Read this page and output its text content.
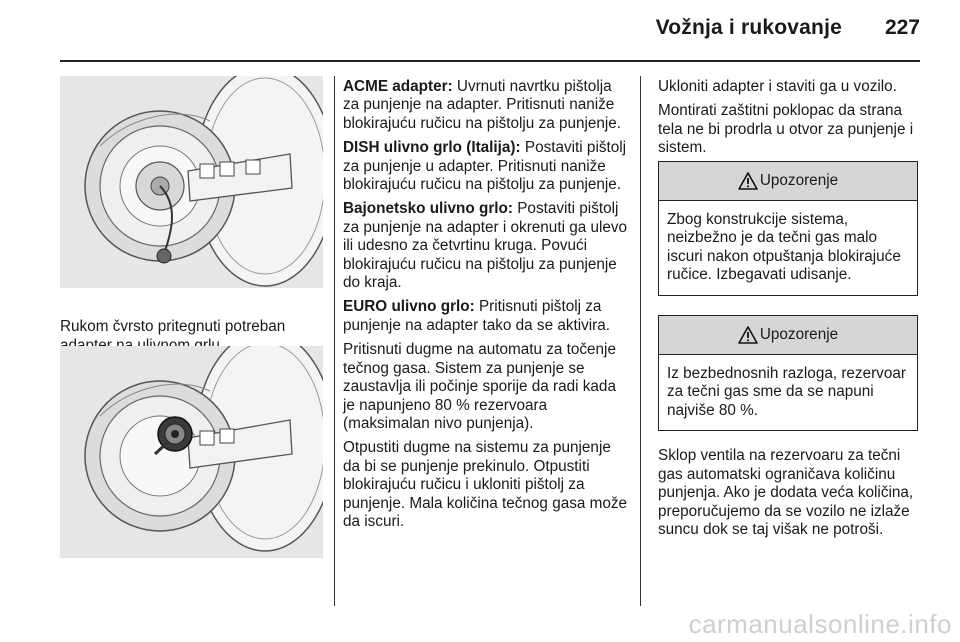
Vožnja i rukovanje 227

Rukom čvrsto pritegnuti potreban

ACME adapter: Uvrnuti navrtku pištolja za punjenje na adapter. Pritisnuti naniže blokirajuću ručicu na pištolju za punjenje.

DISH ulivno grlo (Italija): Postaviti pištolj za punjenje u adapter. Pritisnuti naniže blokirajuću ručicu na pištolju za punjenje.

Bajonetsko ulivno grlo: Postaviti pištolj za punjenje na adapter i okrenuti ga ulevo ili udesno za četvrtinu kruga. Povući blokirajuću ručicu na pištolju za punjenje do kraja.

EURO ulivno grlo: Pritisnuti pištolj za punjenje na adapter tako da se aktivira.

Pritisnuti dugme na automatu za točenje tečnog gasa. Sistem za punjenje se zaustavlja ili počinje sporije da radi kada je napunjeno 80 % rezervoara (maksimalan nivo punjenja).

Otpustiti dugme na sistemu za punjenje da bi se punjenje prekinulo. Otpustiti blokirajuću ručicu i ukloniti pištolj za punjenje. Mala količina tečnog gasa može da iscuri.

Ukloniti adapter i staviti ga u vozilo.

Montirati zaštitni poklopac da strana tela ne bi prodrla u otvor za punjenje i sistem.

Upozorenje
Zbog konstrukcije sistema, neizbežno je da tečni gas malo iscuri nakon otpuštanja blokirajuće ručice. Izbegavati udisanje.
Upozorenje
Iz bezbednosnih razloga, rezervoar za tečni gas sme da se napuni najviše 80 %.

Sklop ventila na rezervoaru za tečni gas automatski ograničava količinu punjenja. Ako je dodata veća količina, preporučujemo da se vozilo ne izlaže suncu dok se taj višak ne potroši.

carmanualsonline.info
